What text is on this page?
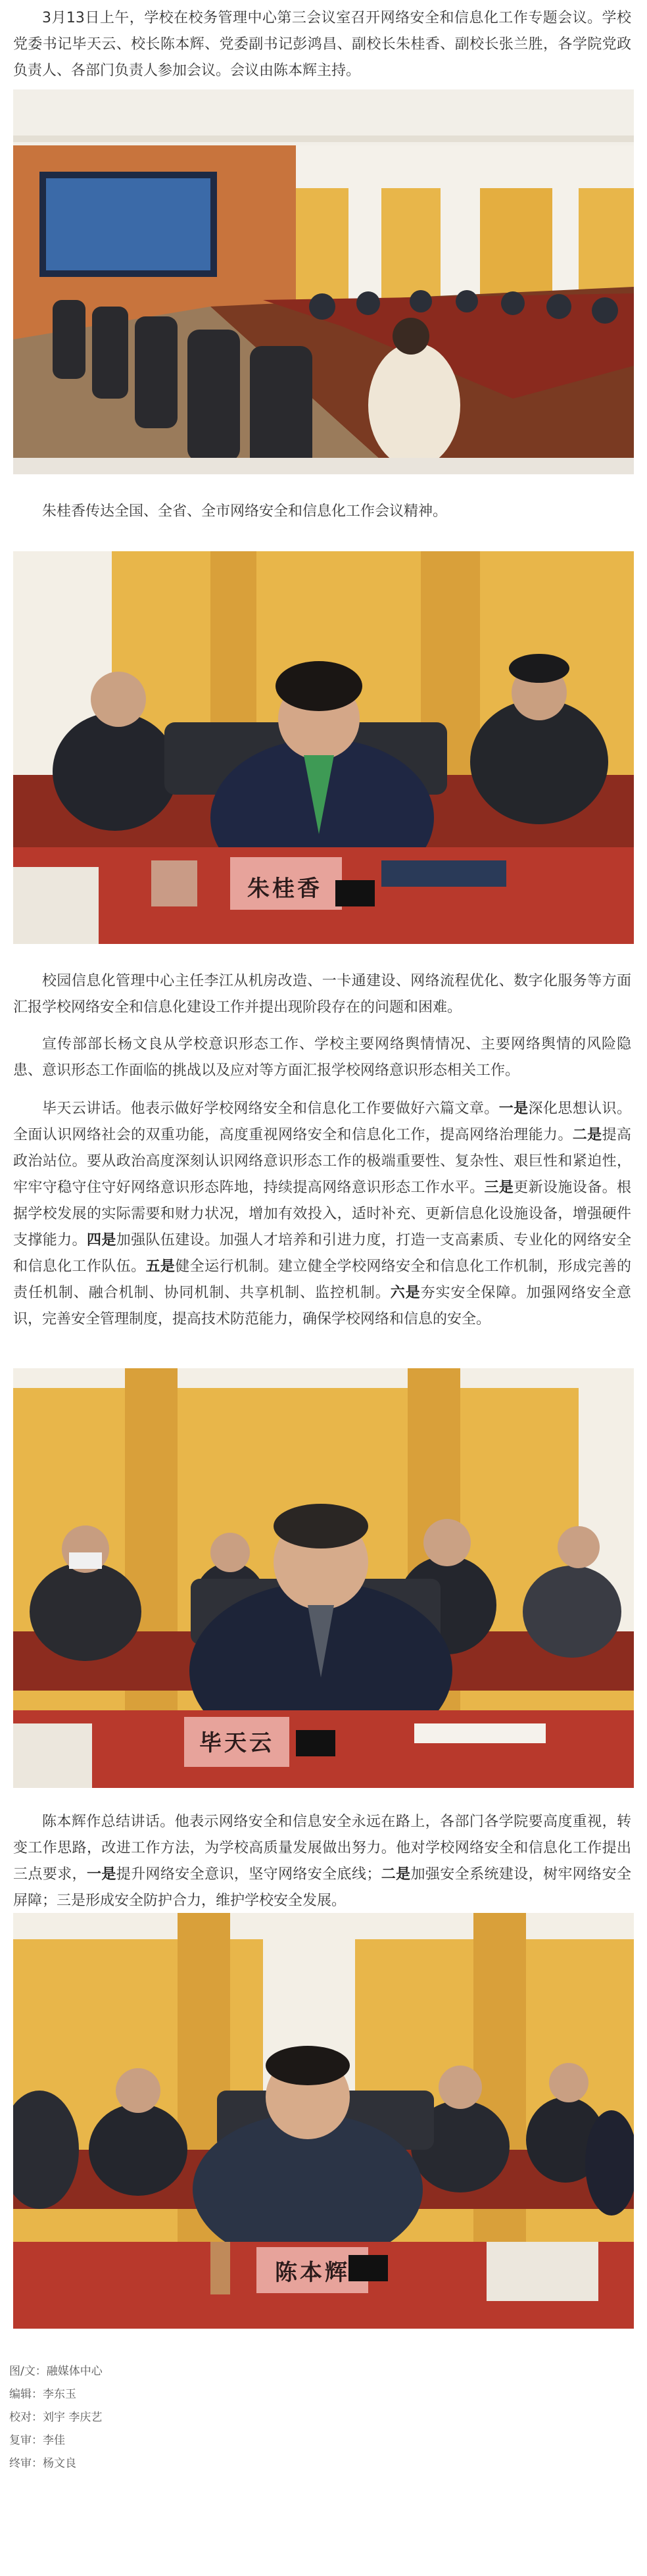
3月13日上午，学校在校务管理中心第三会议室召开网络安全和信息化工作专题会议。学校党委书记毕天云、校长陈本辉、党委副书记彭鸿昌、副校长朱桂香、副校长张兰胜，各学院党政负责人、各部门负责人参加会议。会议由陈本辉主持。

朱桂香传达全国、全省、全市网络安全和信息化工作会议精神。

朱桂香

校园信息化管理中心主任李江从机房改造、一卡通建设、网络流程优化、数字化服务等方面汇报学校网络安全和信息化建设工作并提出现阶段存在的问题和困难。

宣传部部长杨文良从学校意识形态工作、学校主要网络舆情情况、主要网络舆情的风险隐患、意识形态工作面临的挑战以及应对等方面汇报学校网络意识形态相关工作。

毕天云讲话。他表示做好学校网络安全和信息化工作要做好六篇文章。一是深化思想认识。全面认识网络社会的双重功能，高度重视网络安全和信息化工作，提高网络治理能力。二是提高政治站位。要从政治高度深刻认识网络意识形态工作的极端重要性、复杂性、艰巨性和紧迫性，牢牢守稳守住守好网络意识形态阵地，持续提高网络意识形态工作水平。三是更新设施设备。根据学校发展的实际需要和财力状况，增加有效投入，适时补充、更新信息化设施设备，增强硬件支撑能力。四是加强队伍建设。加强人才培养和引进力度，打造一支高素质、专业化的网络安全和信息化工作队伍。五是健全运行机制。建立健全学校网络安全和信息化工作机制，形成完善的责任机制、融合机制、协同机制、共享机制、监控机制。六是夯实安全保障。加强网络安全意识，完善安全管理制度，提高技术防范能力，确保学校网络和信息的安全。

毕天云

陈本辉作总结讲话。他表示网络安全和信息安全永远在路上，各部门各学院要高度重视，转变工作思路，改进工作方法，为学校高质量发展做出努力。他对学校网络安全和信息化工作提出三点要求，一是提升网络安全意识，坚守网络安全底线；二是加强安全系统建设，树牢网络安全屏障；三是形成安全防护合力，维护学校安全发展。

陈本辉

图/文：融媒体中心

编辑：李东玉

校对：刘宇 李庆艺

复审：李佳

终审：杨文良
